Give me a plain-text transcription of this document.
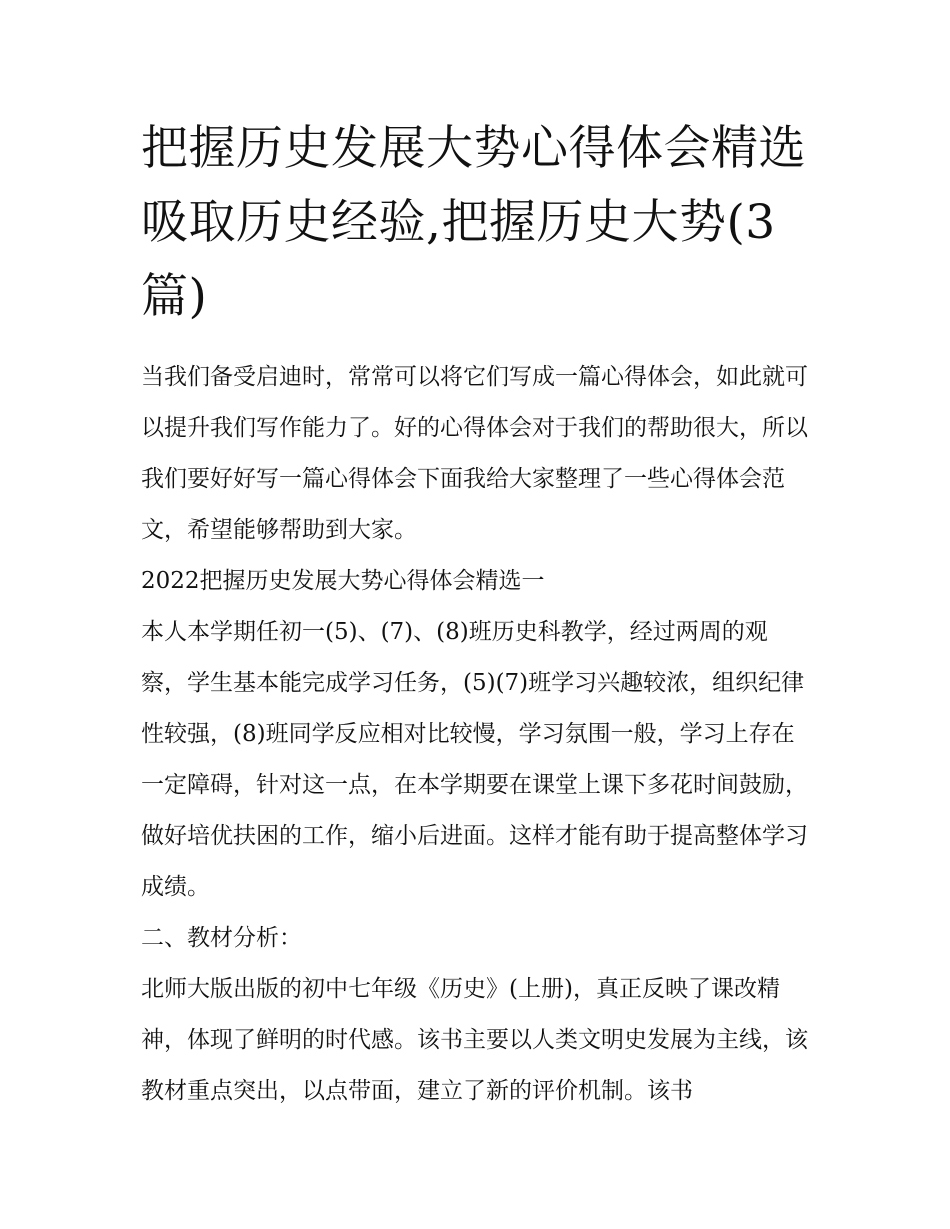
把握历史发展大势心得体会精选 吸取历史经验,把握历史大势(3篇)

当我们备受启迪时，常常可以将它们写成一篇心得体会，如此就可以提升我们写作能力了。好的心得体会对于我们的帮助很大，所以我们要好好写一篇心得体会下面我给大家整理了一些心得体会范文，希望能够帮助到大家。

2022把握历史发展大势心得体会精选一

本人本学期任初一(5)、(7)、(8)班历史科教学，经过两周的观察，学生基本能完成学习任务，(5)(7)班学习兴趣较浓，组织纪律性较强，(8)班同学反应相对比较慢，学习氛围一般，学习上存在一定障碍，针对这一点，在本学期要在课堂上课下多花时间鼓励，做好培优扶困的工作，缩小后进面。这样才能有助于提高整体学习成绩。

二、教材分析：

北师大版出版的初中七年级《历史》(上册)，真正反映了课改精神，体现了鲜明的时代感。该书主要以人类文明史发展为主线，该教材重点突出，以点带面，建立了新的评价机制。该书
